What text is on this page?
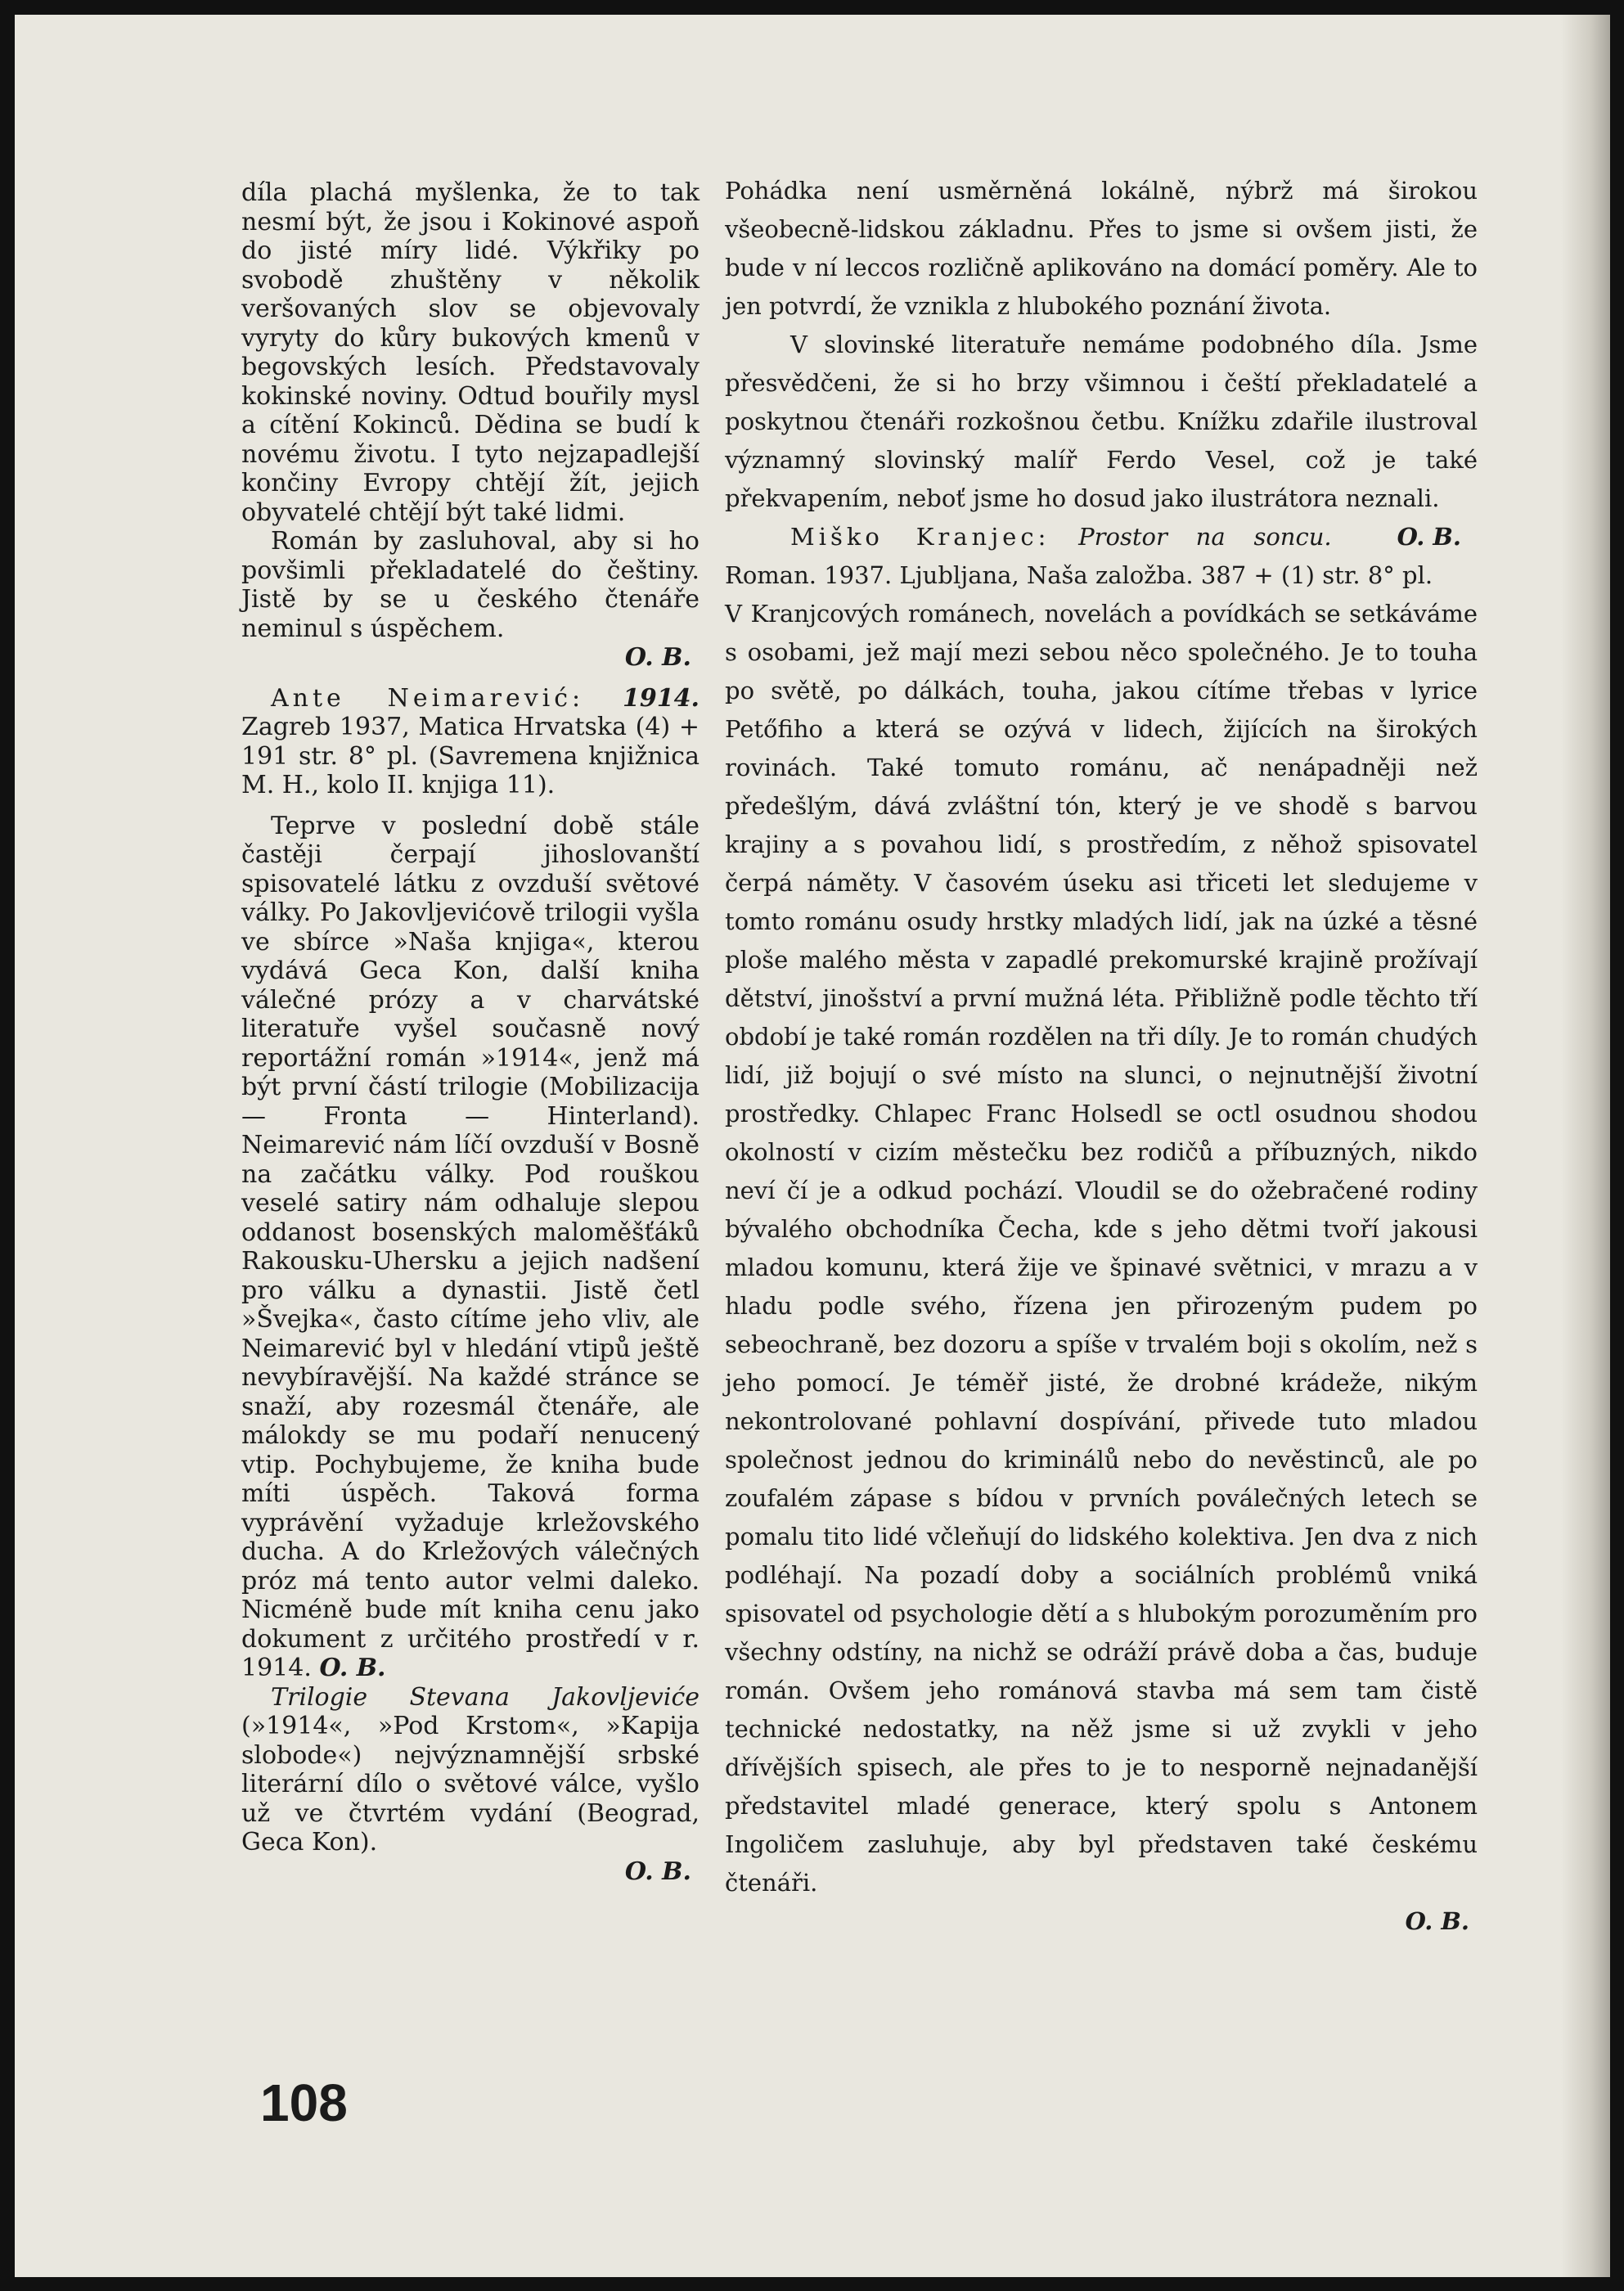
díla plachá myšlenka, že to tak nesmí být, že jsou i Kokinové aspoň do jisté míry lidé. Výkřiky po svobodě zhuštěny v několik veršovaných slov se objevovaly vyryty do kůry bukových kmenů v begovských lesích. Představovaly kokinské noviny. Odtud bouřily mysl a cítění Kokinců. Dědina se budí k novému životu. I tyto nejzapadlejší končiny Evropy chtějí žít, jejich obyvatelé chtějí být také lidmi.

Román by zasluhoval, aby si ho povšimli překladatelé do češtiny. Jistě by se u českého čtenáře neminul s úspěchem.

O. B.

Ante Neimarević: 1914. Zagreb 1937, Matica Hrvatska (4) + 191 str. 8° pl. (Savremena knjižnica M. H., kolo II. knjiga 11).

Teprve v poslední době stále častěji čerpají jihoslovanští spisovatelé látku z ovzduší světové války. Po Jakovljevićově trilogii vyšla ve sbírce »Naša knjiga«, kterou vydává Geca Kon, další kniha válečné prózy a v charvátské literatuře vyšel současně nový reportážní román »1914«, jenž má být první částí trilogie (Mobilizacija — Fronta — Hinterland). Neimarević nám líčí ovzduší v Bosně na začátku války. Pod rouškou veselé satiry nám odhaluje slepou oddanost bosenských maloměšťáků Rakousku-Uhersku a jejich nadšení pro válku a dynastii. Jistě četl »Švejka«, často cítíme jeho vliv, ale Neimarević byl v hledání vtipů ještě nevybíravější. Na každé stránce se snaží, aby rozesmál čtenáře, ale málokdy se mu podaří nenucený vtip. Pochybujeme, že kniha bude míti úspěch. Taková forma vyprávění vyžaduje krležovského ducha. A do Krležových válečných próz má tento autor velmi daleko. Nicméně bude mít kniha cenu jako dokument z určitého prostředí v r. 1914. O. B.

Trilogie Stevana Jakovljeviće (»1914«, »Pod Krstom«, »Kapija slobode«) nejvýznamnější srbské literární dílo o světové válce, vyšlo už ve čtvrtém vydání (Beograd, Geca Kon).

O. B.

Pohádka není usměrněná lokálně, nýbrž má širokou všeobecně-lidskou základnu. Přes to jsme si ovšem jisti, že bude v ní leccos rozličně aplikováno na domácí poměry. Ale to jen potvrdí, že vznikla z hlubokého poznání života.

V slovinské literatuře nemáme podobného díla. Jsme přesvědčeni, že si ho brzy všimnou i čeští překladatelé a poskytnou čtenáři rozkošnou četbu. Knížku zdařile ilustroval významný slovinský malíř Ferdo Vesel, což je také překvapením, neboť jsme ho dosud jako ilustrátora neznali.
O. B.

Miško Kranjec: Prostor na soncu. Roman. 1937. Ljubljana, Naša založba. 387 + (1) str. 8° pl.

V Kranjcových románech, novelách a povídkách se setkáváme s osobami, jež mají mezi sebou něco společného. Je to touha po světě, po dálkách, touha, jakou cítíme třebas v lyrice Petőfiho a která se ozývá v lidech, žijících na širokých rovinách. Také tomuto románu, ač nenápadněji než předešlým, dává zvláštní tón, který je ve shodě s barvou krajiny a s povahou lidí, s prostředím, z něhož spisovatel čerpá náměty. V časovém úseku asi třiceti let sledujeme v tomto románu osudy hrstky mladých lidí, jak na úzké a těsné ploše malého města v zapadlé prekomurské krajině prožívají dětství, jinošství a první mužná léta. Přibližně podle těchto tří období je také román rozdělen na tři díly. Je to román chudých lidí, již bojují o své místo na slunci, o nejnutnější životní prostředky. Chlapec Franc Holsedl se octl osudnou shodou okolností v cizím městečku bez rodičů a příbuzných, nikdo neví čí je a odkud pochází. Vloudil se do ožebračené rodiny bývalého obchodníka Čecha, kde s jeho dětmi tvoří jakousi mladou komunu, která žije ve špinavé světnici, v mrazu a v hladu podle svého, řízena jen přirozeným pudem po sebeochraně, bez dozoru a spíše v trvalém boji s okolím, než s jeho pomocí. Je téměř jisté, že drobné krádeže, nikým nekontrolované pohlavní dospívání, přivede tuto mladou společnost jednou do kriminálů nebo do nevěstinců, ale po zoufalém zápase s bídou v prvních poválečných letech se pomalu tito lidé včleňují do lidského kolektiva. Jen dva z nich podléhají. Na pozadí doby a sociálních problémů vniká spisovatel od psychologie dětí a s hlubokým porozuměním pro všechny odstíny, na nichž se odráží právě doba a čas, buduje román. Ovšem jeho románová stavba má sem tam čistě technické nedostatky, na něž jsme si už zvykli v jeho dřívějších spisech, ale přes to je to nesporně nejnadanější představitel mladé generace, který spolu s Antonem Ingoličem zasluhuje, aby byl představen také českému čtenáři.

O. B.
108
